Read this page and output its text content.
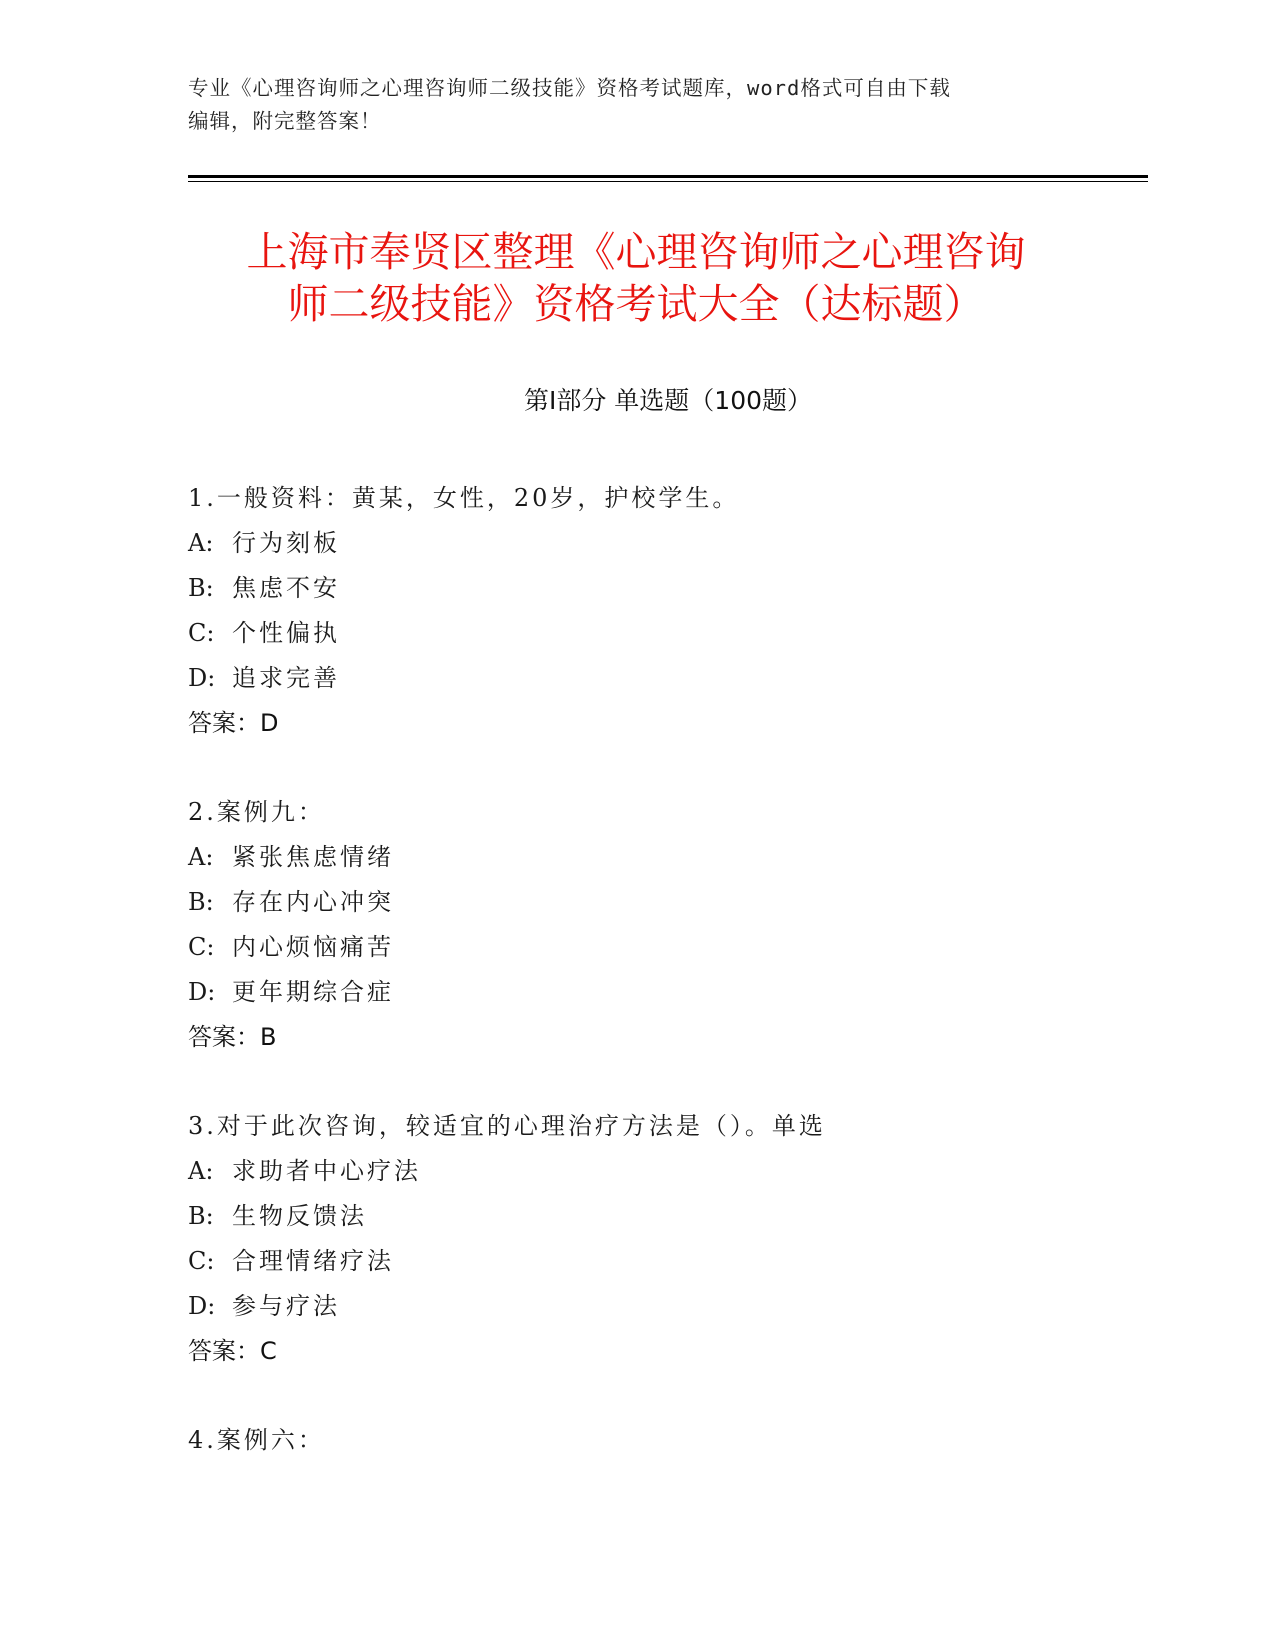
专业《心理咨询师之心理咨询师二级技能》资格考试题库，word格式可自由下载
编辑，附完整答案！
上海市奉贤区整理《心理咨询师之心理咨询
师二级技能》资格考试大全（达标题）
第Ⅰ部分 单选题（100题）
1.一般资料：黄某，女性，20岁，护校学生。
A: 行为刻板
B: 焦虑不安
C: 个性偏执
D: 追求完善
答案：D
2.案例九：
A: 紧张焦虑情绪
B: 存在内心冲突
C: 内心烦恼痛苦
D: 更年期综合症
答案：B
3.对于此次咨询，较适宜的心理治疗方法是（）。单选
A: 求助者中心疗法
B: 生物反馈法
C: 合理情绪疗法
D: 参与疗法
答案：C
4.案例六：
